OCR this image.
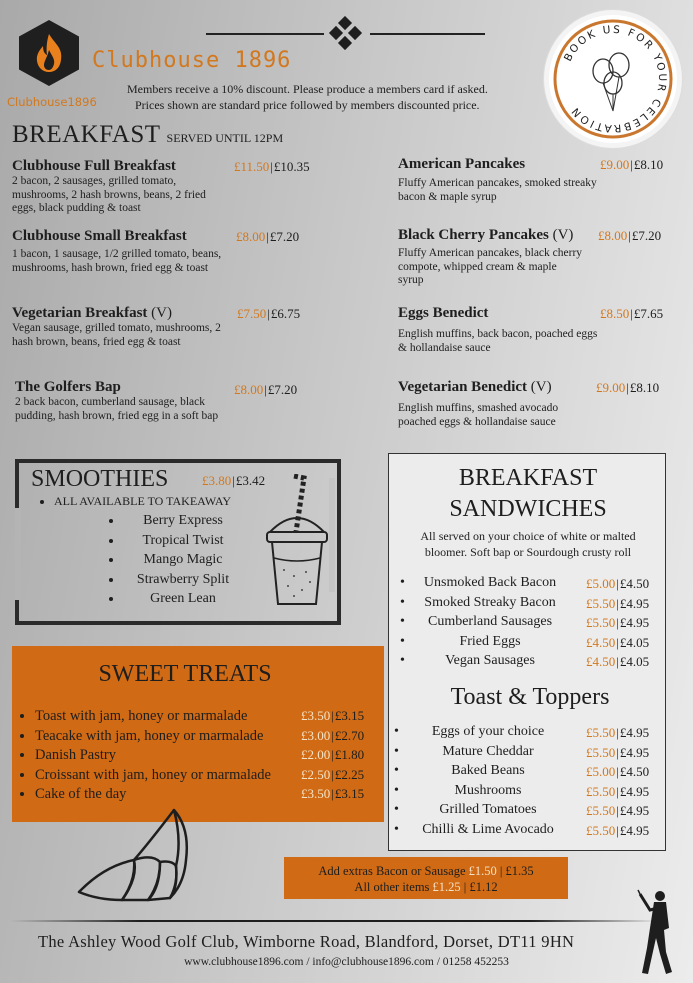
Clubhouse1896
Clubhouse 1896
Members receive a 10% discount. Please produce a members card if asked.
Prices shown are standard price followed by members discounted price.
BOOK US FOR YOUR CELEBRATION
BREAKFAST SERVED UNTIL 12PM
Clubhouse Full Breakfast	£11.50|£10.35
2 bacon, 2 sausages, grilled tomato, mushrooms, 2 hash browns, beans, 2 fried eggs, black pudding & toast
Clubhouse Small Breakfast	£8.00|£7.20
1 bacon, 1 sausage, 1/2 grilled tomato, beans, mushrooms, hash brown, fried egg & toast
Vegetarian Breakfast (V)	£7.50|£6.75
Vegan sausage, grilled tomato, mushrooms, 2 hash brown, beans, fried egg & toast
The Golfers Bap	£8.00|£7.20
2 back bacon, cumberland sausage, black pudding, hash brown, fried egg in a soft bap
American Pancakes	£9.00|£8.10
Fluffy American pancakes, smoked streaky bacon & maple syrup
Black Cherry Pancakes (V)	£8.00|£7.20
Fluffy American pancakes, black cherry compote, whipped cream & maple syrup
Eggs Benedict	£8.50|£7.65
English muffins, back bacon, poached eggs & hollandaise sauce
Vegetarian Benedict (V)	£9.00|£8.10
English muffins, smashed avocado poached eggs & hollandaise sauce
SMOOTHIES	£3.80|£3.42
• ALL AVAILABLE TO TAKEAWAY
• Berry Express
• Tropical Twist
• Mango Magic
• Strawberry Split
• Green Lean
SWEET TREATS
• Toast with jam, honey or marmalade	£3.50|£3.15
• Teacake with jam, honey or marmalade	£3.00|£2.70
• Danish Pastry	£2.00|£1.80
• Croissant with jam, honey or marmalade £2.50|£2.25
• Cake of the day	£3.50|£3.15
BREAKFAST
SANDWICHES
All served on your choice of white or malted
bloomer. Soft bap or Sourdough crusty roll
• Unsmoked Back Bacon £5.00|£4.50
• Smoked Streaky Bacon £5.50|£4.95
• Cumberland Sausages	£5.50|£4.95
•	Fried Eggs	£4.50|£4.05
•	Vegan Sausages	£4.50|£4.05
Toast & Toppers
• Eggs of your choice	£5.50|£4.95
•	Mature Cheddar	£5.50|£4.95
•	Baked Beans	£5.00|£4.50
•	Mushrooms	£5.50|£4.95
•	Grilled Tomatoes	£5.50|£4.95
• Chilli & Lime Avocado £5.50|£4.95
Add extras Bacon or Sausage £1.50 | £1.35
All other items £1.25 | £1.12
The Ashley Wood Golf Club, Wimborne Road, Blandford, Dorset, DT11 9HN
www.clubhouse1896.com / info@clubhouse1896.com / 01258 452253
